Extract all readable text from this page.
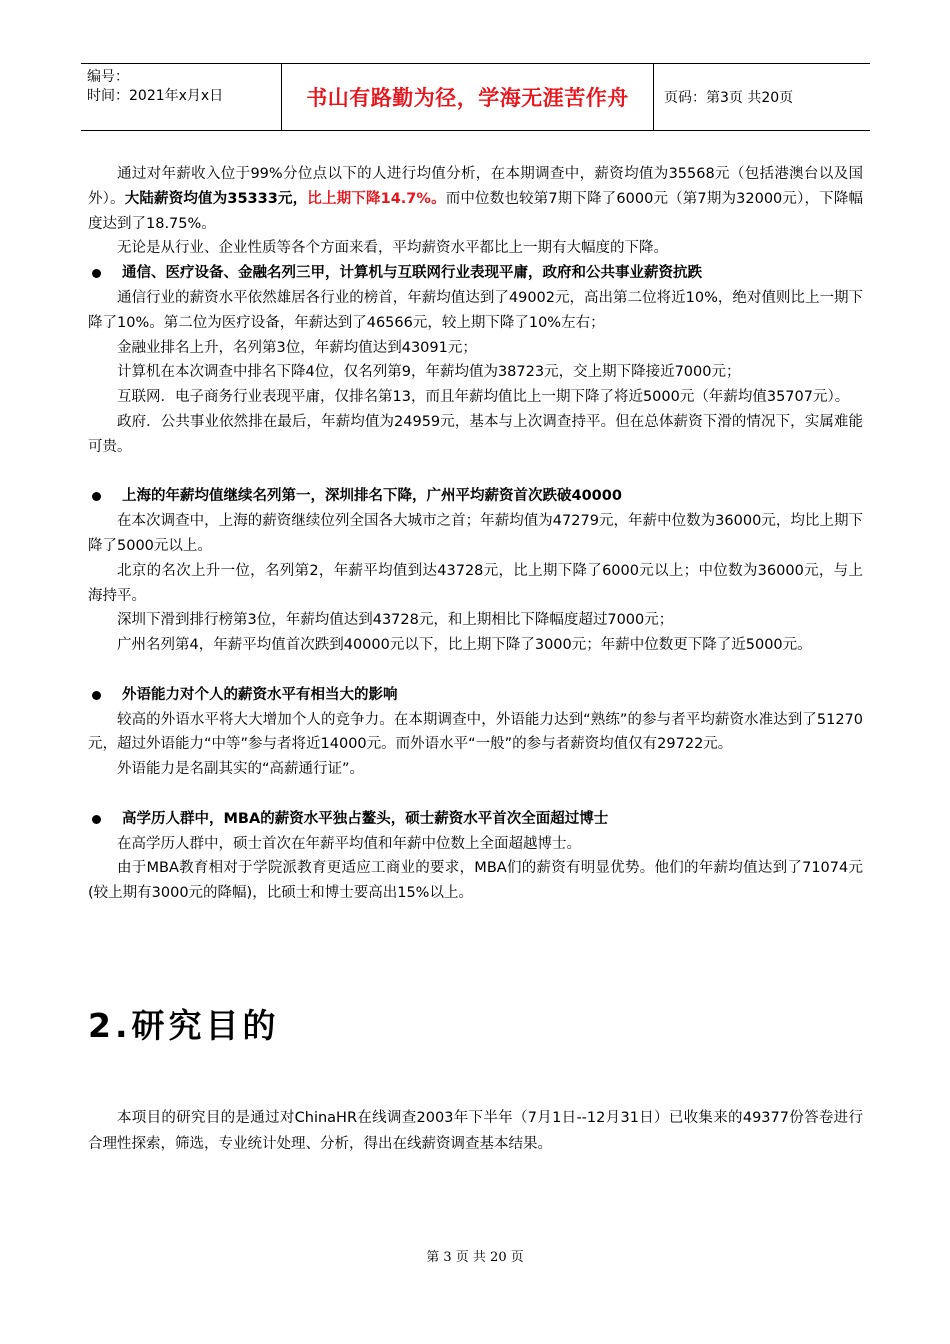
编号：
时间：2021年x月x日	书山有路勤为径，学海无涯苦作舟	页码：第3页 共20页

通过对年薪收入位于99%分位点以下的人进行均值分析，在本期调查中，薪资均值为35568元（包括港澳台以及国外）。大陆薪资均值为35333元，比上期下降14.7%。而中位数也较第7期下降了6000元（第7期为32000元），下降幅度达到了18.75%。

无论是从行业、企业性质等各个方面来看，平均薪资水平都比上一期有大幅度的下降。

通信、医疗设备、金融名列三甲，计算机与互联网行业表现平庸，政府和公共事业薪资抗跌

通信行业的薪资水平依然雄居各行业的榜首，年薪均值达到了49002元，高出第二位将近10%，绝对值则比上一期下降了10%。第二位为医疗设备，年薪达到了46566元，较上期下降了10%左右；

金融业排名上升，名列第3位，年薪均值达到43091元；

计算机在本次调查中排名下降4位，仅名列第9，年薪均值为38723元，交上期下降接近7000元；

互联网．电子商务行业表现平庸，仅排名第13，而且年薪均值比上一期下降了将近5000元（年薪均值35707元）。

政府．公共事业依然排在最后，年薪均值为24959元，基本与上次调查持平。但在总体薪资下滑的情况下，实属难能可贵。

上海的年薪均值继续名列第一，深圳排名下降，广州平均薪资首次跌破40000

在本次调查中，上海的薪资继续位列全国各大城市之首；年薪均值为47279元，年薪中位数为36000元，均比上期下降了5000元以上。

北京的名次上升一位，名列第2，年薪平均值到达43728元，比上期下降了6000元以上；中位数为36000元，与上海持平。

深圳下滑到排行榜第3位，年薪均值达到43728元，和上期相比下降幅度超过7000元；

广州名列第4，年薪平均值首次跌到40000元以下，比上期下降了3000元；年薪中位数更下降了近5000元。

外语能力对个人的薪资水平有相当大的影响

较高的外语水平将大大增加个人的竞争力。在本期调查中，外语能力达到“熟练”的参与者平均薪资水准达到了51270元，超过外语能力“中等”参与者将近14000元。而外语水平“一般”的参与者薪资均值仅有29722元。

外语能力是名副其实的“高薪通行证”。

高学历人群中，MBA的薪资水平独占鳌头，硕士薪资水平首次全面超过博士

在高学历人群中，硕士首次在年薪平均值和年薪中位数上全面超越博士。

由于MBA教育相对于学院派教育更适应工商业的要求，MBA们的薪资有明显优势。他们的年薪均值达到了71074元(较上期有3000元的降幅)，比硕士和博士要高出15%以上。

2.研究目的

本项目的研究目的是通过对ChinaHR在线调查2003年下半年（7月1日--12月31日）已收集来的49377份答卷进行合理性探索，筛选，专业统计处理、分析，得出在线薪资调查基本结果。

第 3 页 共 20 页
